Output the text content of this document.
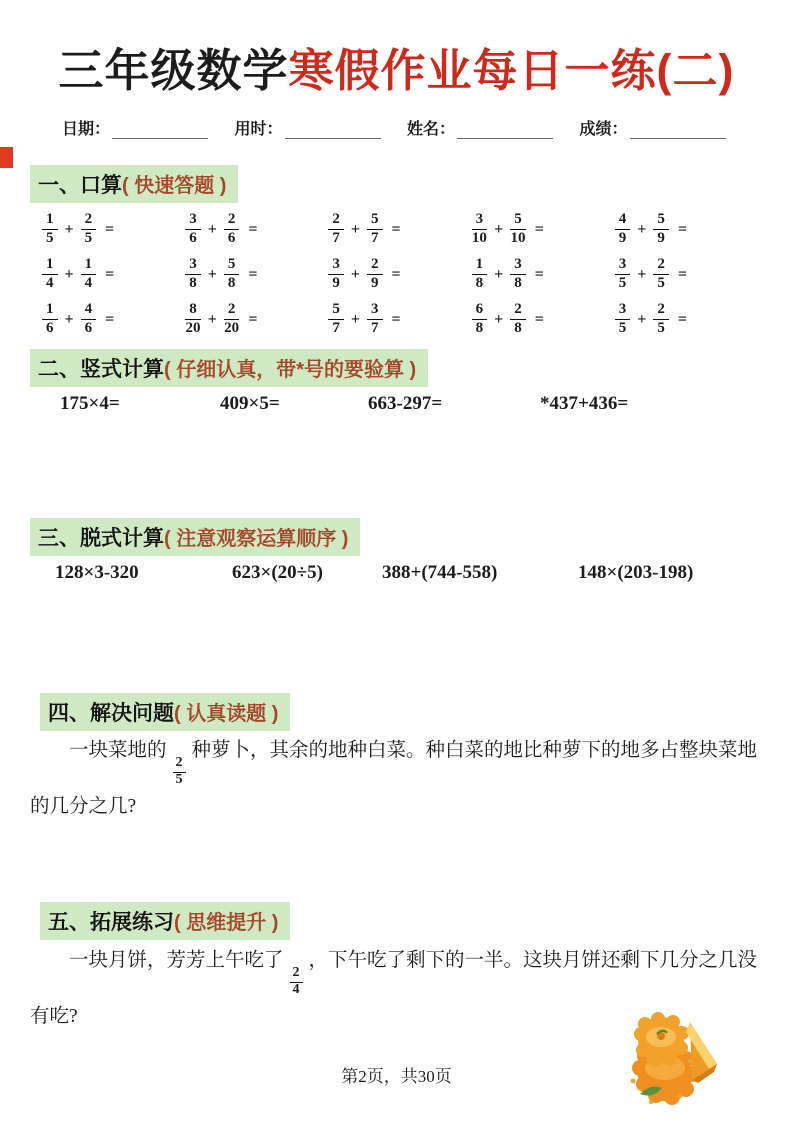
三年级数学寒假作业每日一练(二)
日期：	用时：	姓名：	成绩：
一、口算( 快速答题 )
$\frac{1}{5} + \frac{2}{5}$ =	$\frac{3}{6} + \frac{2}{6}$ =	$\frac{2}{7} + \frac{5}{7}$ =	$\frac{3}{10} + \frac{5}{10}$ =	$\frac{4}{9} + \frac{5}{9}$ =
$\frac{1}{4} + \frac{1}{4}$ =	$\frac{3}{8} + \frac{5}{8}$ =	$\frac{3}{9} + \frac{2}{9}$ =	$\frac{1}{8} + \frac{3}{8}$ =	$\frac{3}{5} + \frac{2}{5}$ =
$\frac{1}{6} + \frac{4}{6}$ =	$\frac{8}{20} + \frac{2}{20}$ =	$\frac{5}{7} + \frac{3}{7}$ =	$\frac{6}{8} + \frac{2}{8}$ =	$\frac{3}{5} + \frac{2}{5}$ =
二、竖式计算( 仔细认真，带*号的要验算 )
175×4=	409×5=	663-297=	*437+436=
三、脱式计算( 注意观察运算顺序 )
128×3-320	623×(20÷5)	388+(744-558)	148×(203-198)
四、解决问题( 认真读题 )
一块菜地的
$\frac{2}{5}$
种萝卜，其余的地种白菜。种白菜的地比种萝下的地多占整块菜地的几分之几?
五、拓展练习( 思维提升 )
一块月饼，芳芳上午吃了
$\frac{2}{4}$
，下午吃了剩下的一半。这块月饼还剩下几分之几没有吃?
第2页，共30页
